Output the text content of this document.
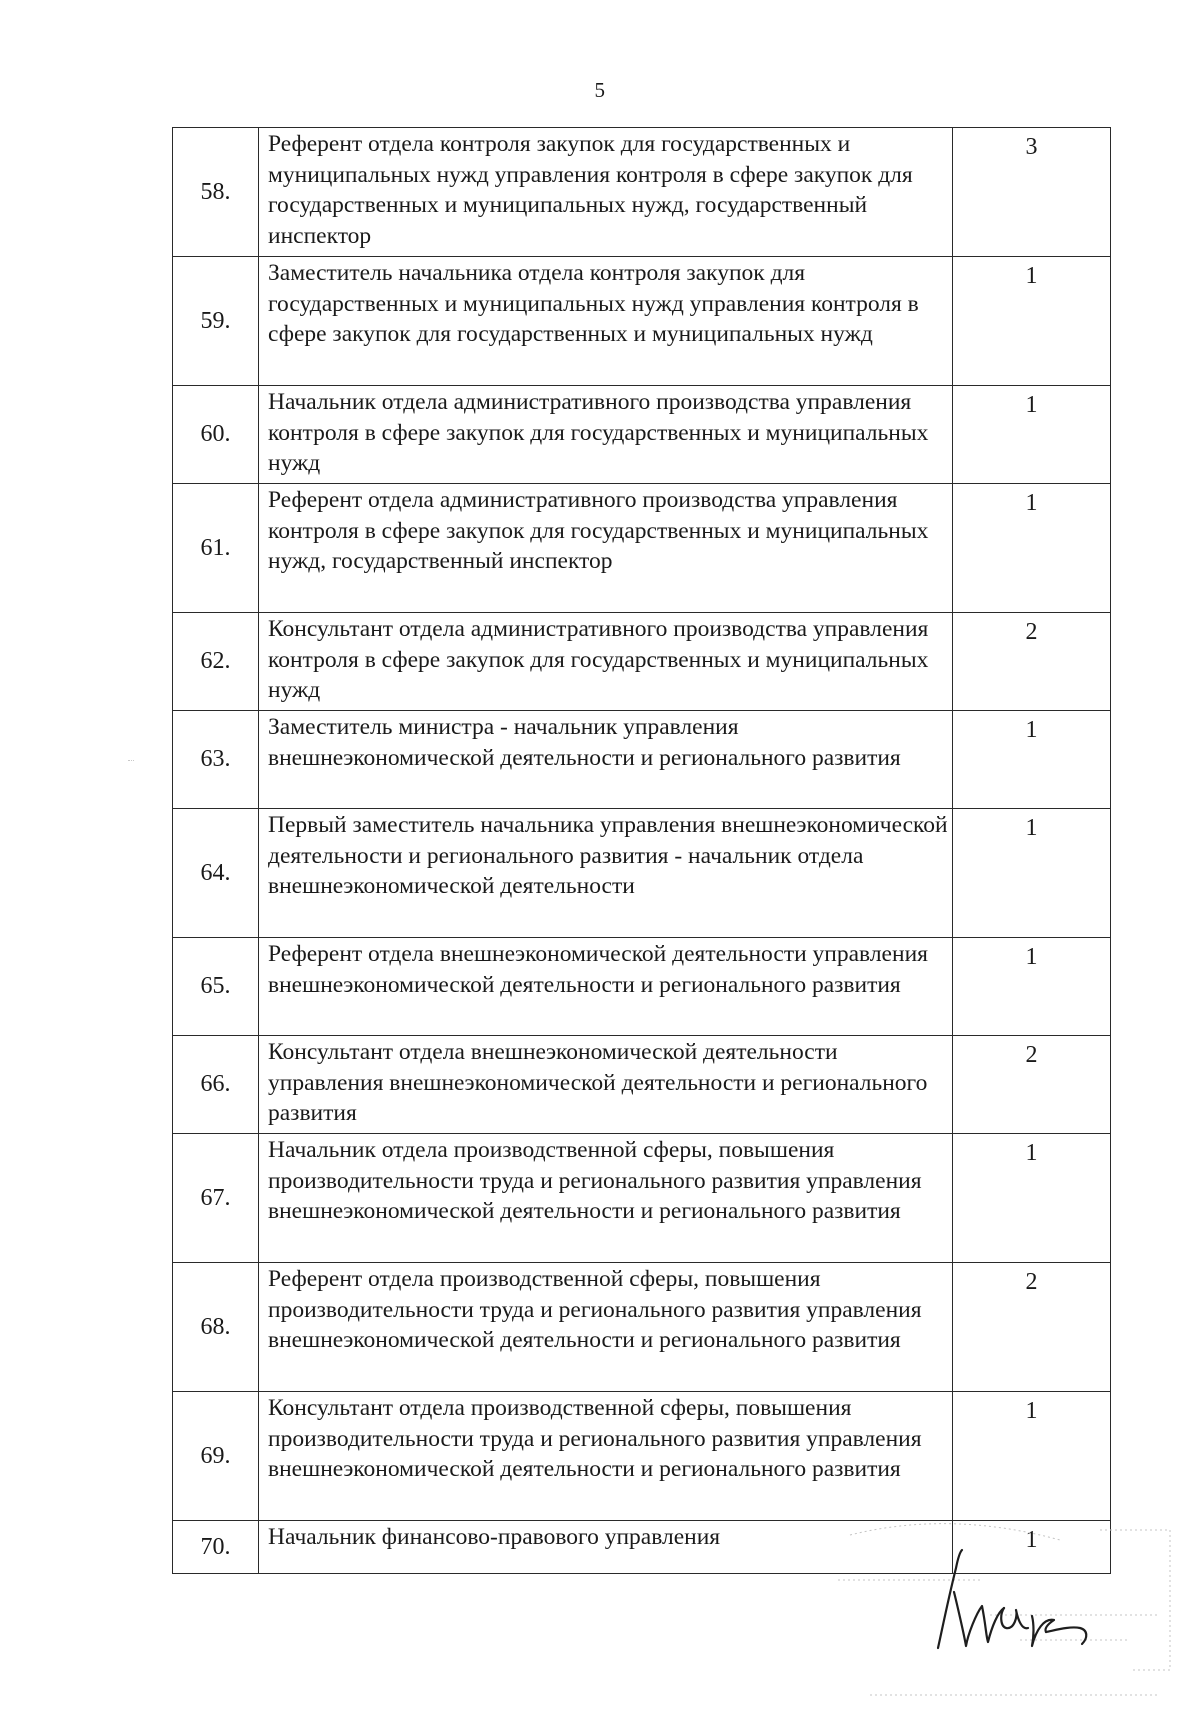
5
58.	Референт отдела контроля закупок для государственных и муниципальных нужд управления контроля в сфере закупок для государственных и муниципальных нужд, государственный инспектор	3
59.	Заместитель начальника отдела контроля закупок для государственных и муниципальных нужд управления контроля в сфере закупок для государственных и муниципальных нужд	1
60.	Начальник отдела административного производства управления контроля в сфере закупок для государственных и муниципальных нужд	1
61.	Референт отдела административного производства управления контроля в сфере закупок для государственных и муниципальных нужд, государственный инспектор	1
62.	Консультант отдела административного производства управления контроля в сфере закупок для государственных и муниципальных нужд	2
63.	Заместитель министра - начальник управления внешнеэкономической деятельности и регионального развития	1
64.	Первый заместитель начальника управления внешнеэкономической деятельности и регионального развития - начальник отдела внешнеэкономической деятельности	1
65.	Референт отдела внешнеэкономической деятельности управления внешнеэкономической деятельности и регионального развития	1
66.	Консультант отдела внешнеэкономической деятельности управления внешнеэкономической деятельности и регионального развития	2
67.	Начальник отдела производственной сферы, повышения производительности труда и регионального развития управления внешнеэкономической деятельности и регионального развития	1
68.	Референт отдела производственной сферы, повышения производительности труда и регионального развития управления внешнеэкономической деятельности и регионального развития	2
69.	Консультант отдела производственной сферы, повышения производительности труда и регионального развития управления внешнеэкономической деятельности и регионального развития	1
70.	Начальник финансово-правового управления	1
